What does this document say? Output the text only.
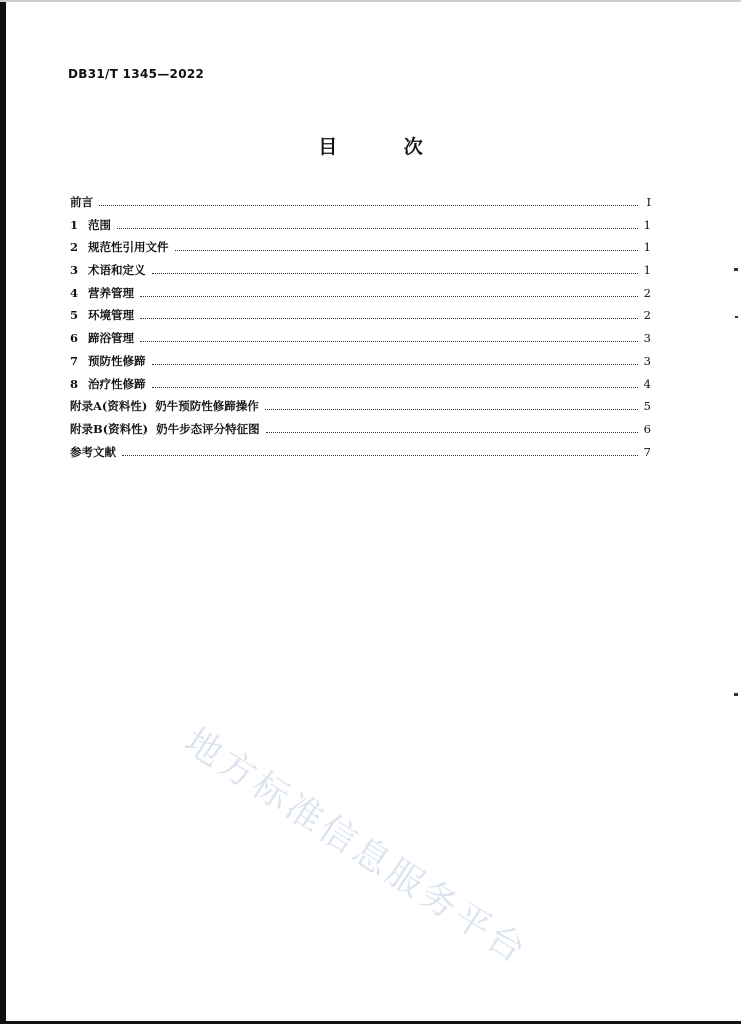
DB31/T 1345—2022
目 次
前言	Ⅰ
1 范围	1
2 规范性引用文件	1
3 术语和定义	1
4 营养管理	2
5 环境管理	2
6 蹄浴管理	3
7 预防性修蹄	3
8 治疗性修蹄	4
附录A(资料性)  奶牛预防性修蹄操作	5
附录B(资料性)  奶牛步态评分特征图	6
参考文献	7
地方标准信息服务平台
